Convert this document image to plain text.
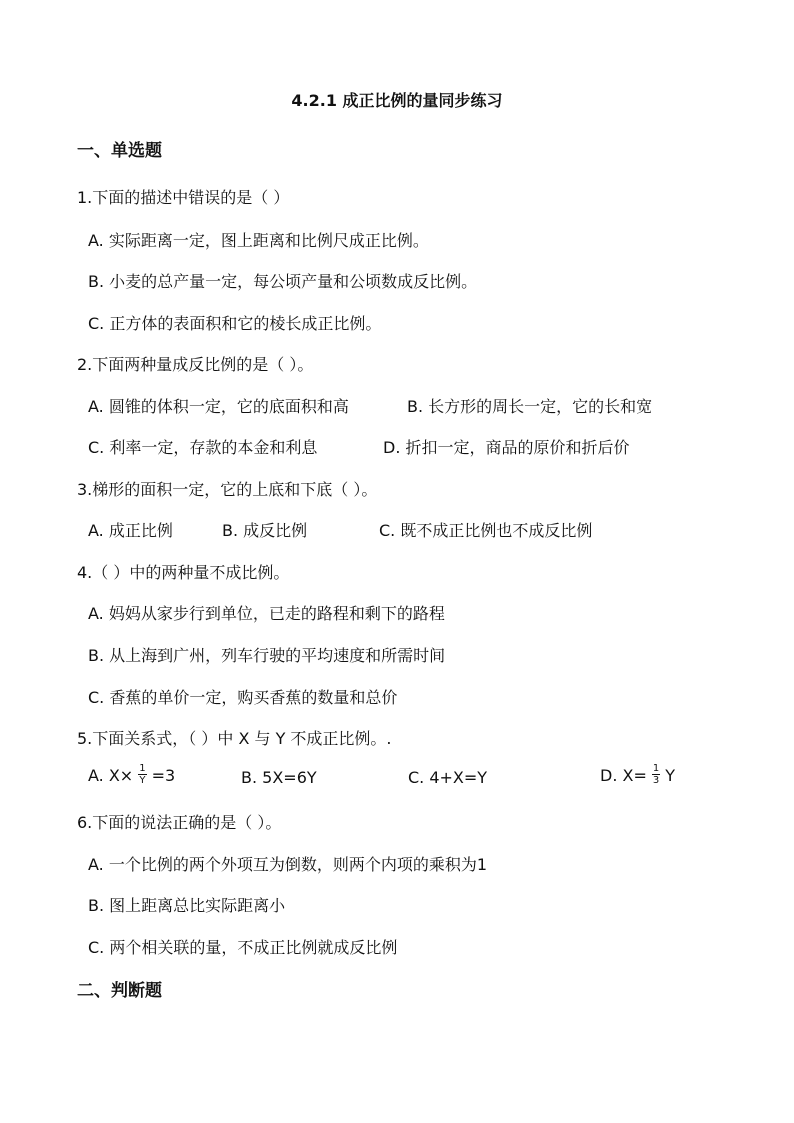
4.2.1 成正比例的量同步练习
一、单选题
1.下面的描述中错误的是（ ）
A. 实际距离一定，图上距离和比例尺成正比例。
B. 小麦的总产量一定，每公顷产量和公顷数成反比例。
C. 正方体的表面积和它的棱长成正比例。
2.下面两种量成反比例的是（ ）。
A. 圆锥的体积一定，它的底面积和高	B. 长方形的周长一定，它的长和宽
C. 利率一定，存款的本金和利息	D. 折扣一定，商品的原价和折后价
3.梯形的面积一定，它的上底和下底（ ）。
A. 成正比例	B. 成反比例	C. 既不成正比例也不成反比例
4.（ ）中的两种量不成比例。
A. 妈妈从家步行到单位，已走的路程和剩下的路程
B. 从上海到广州，列车行驶的平均速度和所需时间
C. 香蕉的单价一定，购买香蕉的数量和总价
5.下面关系式，（ ）中 X 与 Y 不成正比例。.
A. $X\times \frac{1}{Y} =3$	B. 5X=6Y	C. 4+X=Y	D. $X= \frac{1}{3}$ Y
6.下面的说法正确的是（ ）。
A. 一个比例的两个外项互为倒数，则两个内项的乘积为1
B. 图上距离总比实际距离小
C. 两个相关联的量，不成正比例就成反比例
二、判断题
